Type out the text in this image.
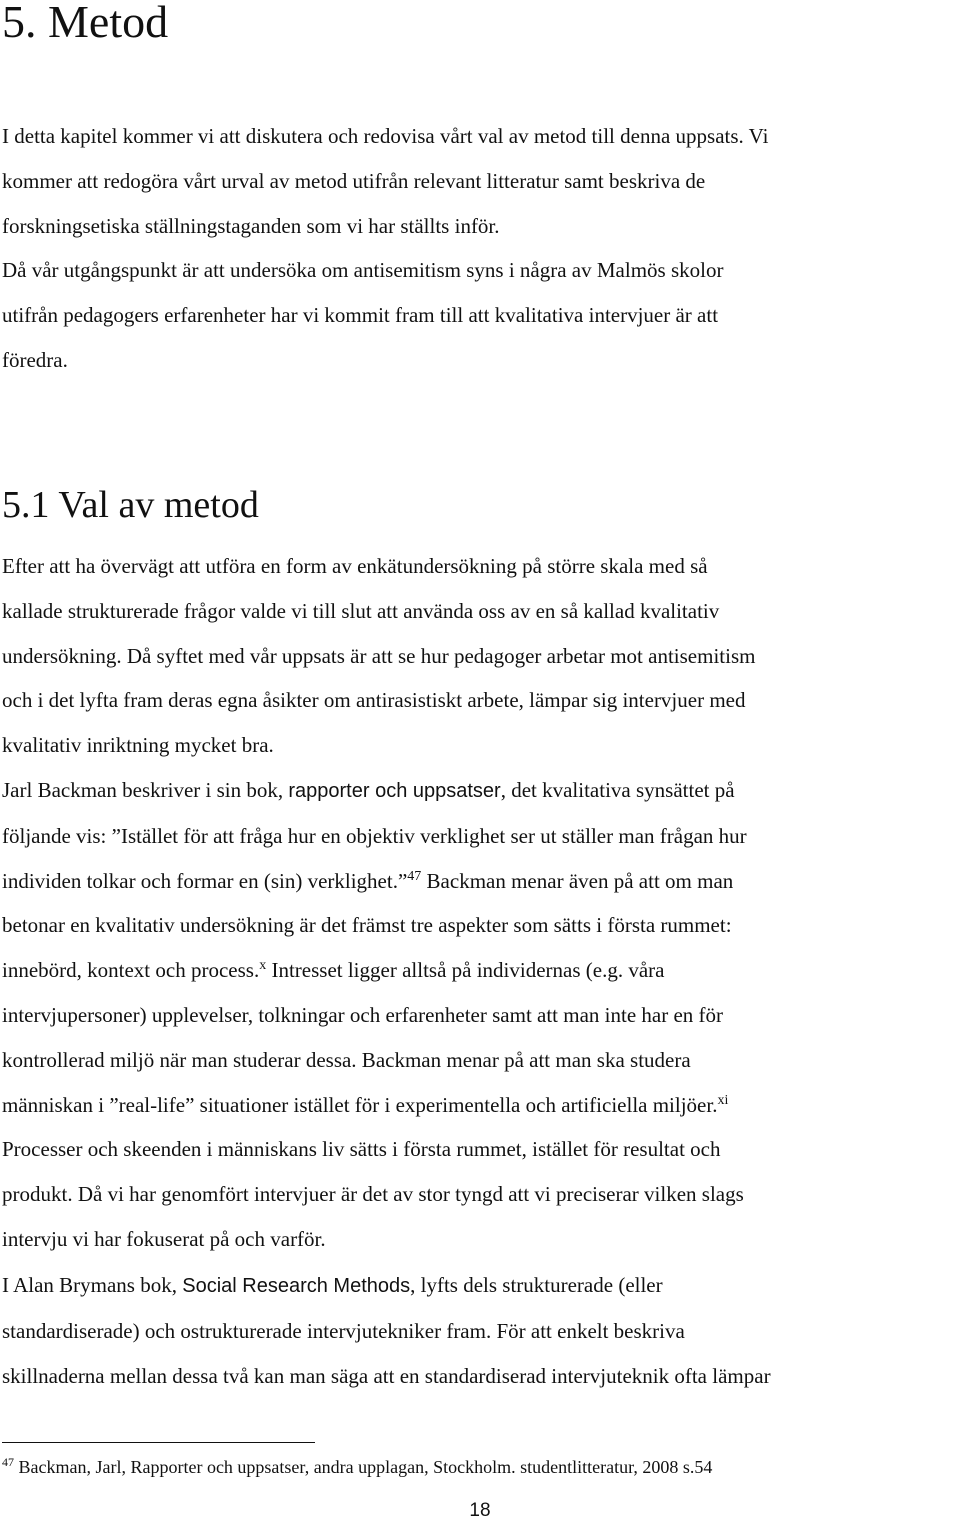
5. Metod

I detta kapitel kommer vi att diskutera och redovisa vårt val av metod till denna uppsats. Vi
kommer att redogöra vårt urval av metod utifrån relevant litteratur samt beskriva de
forskningsetiska ställningstaganden som vi har ställts inför.
Då vår utgångspunkt är att undersöka om antisemitism syns i några av Malmös skolor
utifrån pedagogers erfarenheter har vi kommit fram till att kvalitativa intervjuer är att
föredra.

5.1 Val av metod

Efter att ha övervägt att utföra en form av enkätundersökning på större skala med så
kallade strukturerade frågor valde vi till slut att använda oss av en så kallad kvalitativ
undersökning. Då syftet med vår uppsats är att se hur pedagoger arbetar mot antisemitism
och i det lyfta fram deras egna åsikter om antirasistiskt arbete, lämpar sig intervjuer med
kvalitativ inriktning mycket bra.

Jarl Backman beskriver i sin bok, rapporter och uppsatser, det kvalitativa synsättet på
följande vis: ”Istället för att fråga hur en objektiv verklighet ser ut ställer man frågan hur
individen tolkar och formar en (sin) verklighet.”$^{47}$ Backman menar även på att om man
betonar en kvalitativ undersökning är det främst tre aspekter som sätts i första rummet:
innebörd, kontext och process.$^x$ Intresset ligger alltså på individernas (e.g. våra
intervjupersoner) upplevelser, tolkningar och erfarenheter samt att man inte har en för
kontrollerad miljö när man studerar dessa. Backman menar på att man ska studera
människan i ”real-life” situationer istället för i experimentella och artificiella miljöer.$^{xi}$
Processer och skeenden i människans liv sätts i första rummet, istället för resultat och
produkt. Då vi har genomfört intervjuer är det av stor tyngd att vi preciserar vilken slags
intervju vi har fokuserat på och varför.

I Alan Brymans bok, Social Research Methods, lyfts dels strukturerade (eller
standardiserade) och ostrukturerade intervjutekniker fram. För att enkelt beskriva
skillnaderna mellan dessa två kan man säga att en standardiserad intervjuteknik ofta lämpar

$^{47}$ Backman, Jarl, Rapporter och uppsatser, andra upplagan, Stockholm. studentlitteratur, 2008 s.54

18
